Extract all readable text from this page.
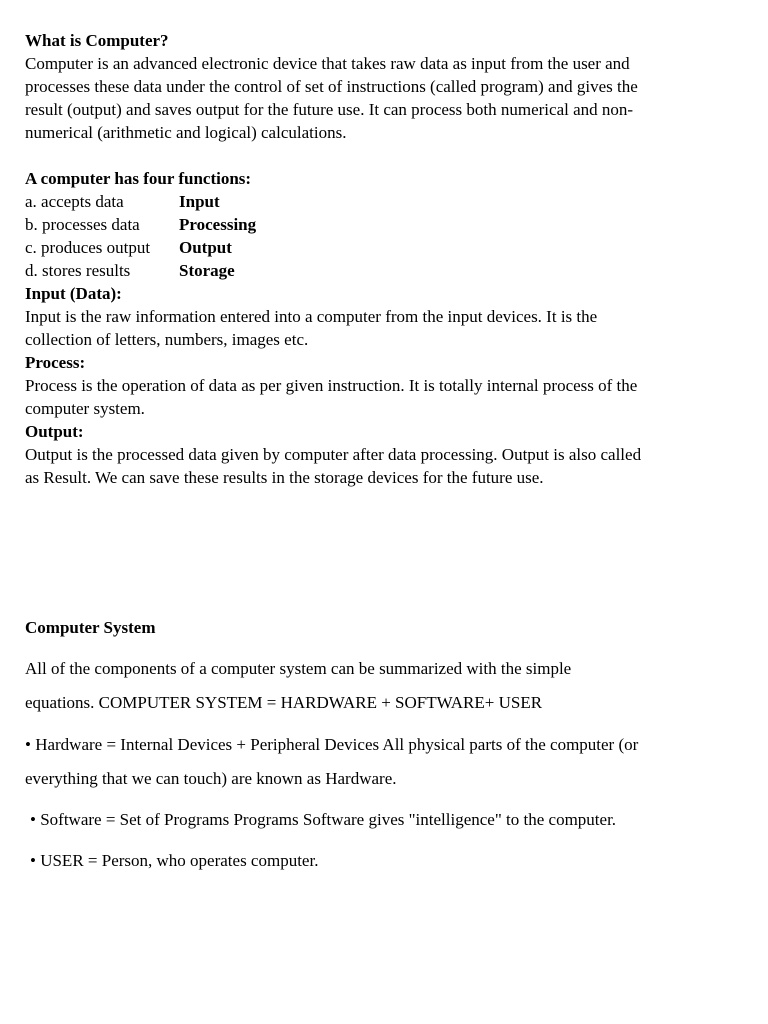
What is Computer?

Computer is an advanced electronic device that takes raw data as input from the user and

processes these data under the control of set of instructions (called program) and gives the

result (output) and saves output for the future use. It can process both numerical and non-

numerical (arithmetic and logical) calculations.

A computer has four functions:

a. accepts data	Input
b. processes data	Processing
c. produces output	Output
d. stores results	Storage

Input (Data):

Input is the raw information entered into a computer from the input devices. It is the

collection of letters, numbers, images etc.

Process:

Process is the operation of data as per given instruction. It is totally internal process of the

computer system.

Output:

Output is the processed data given by computer after data processing. Output is also called

as Result. We can save these results in the storage devices for the future use.

Computer System

All of the components of a computer system can be summarized with the simple

equations. COMPUTER SYSTEM = HARDWARE + SOFTWARE+ USER

• Hardware = Internal Devices + Peripheral Devices All physical parts of the computer (or

everything that we can touch) are known as Hardware.

• Software = Set of Programs Programs Software gives "intelligence" to the computer.

• USER = Person, who operates computer.
